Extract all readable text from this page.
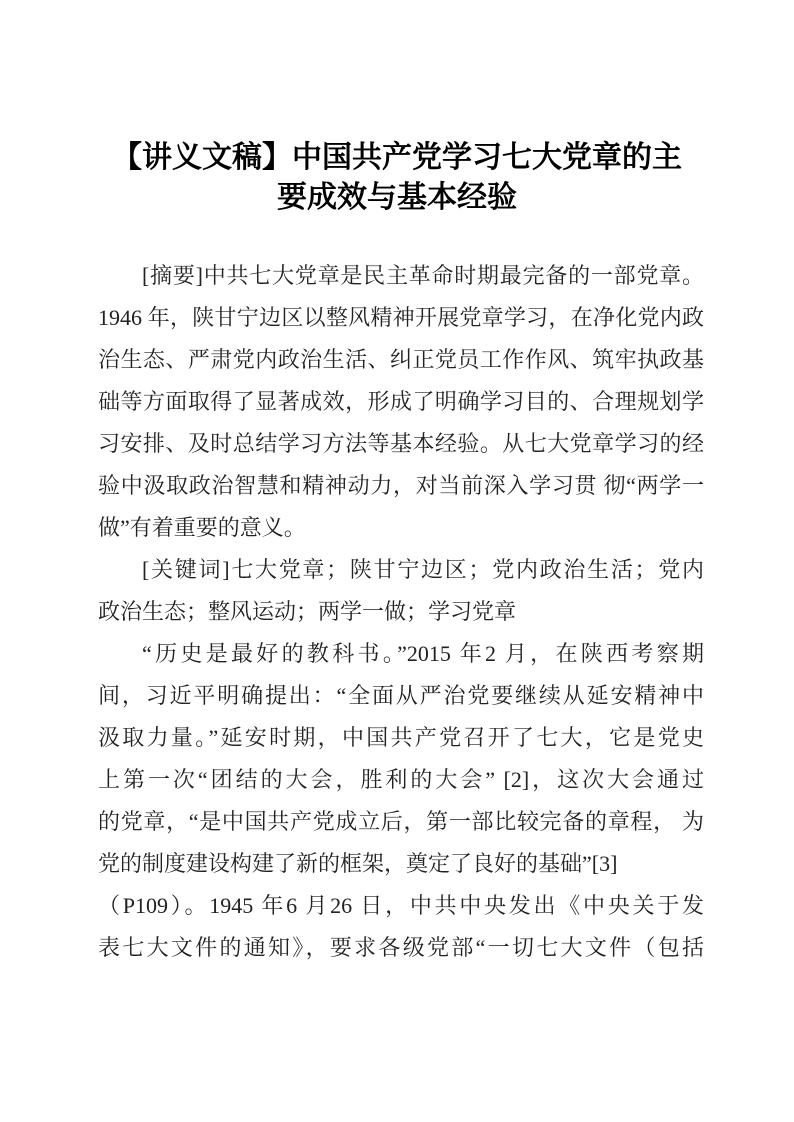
【讲义文稿】中国共产党学习七大党章的主要成效与基本经验
[摘要]中共七大党章是民主革命时期最完备的一部党章。
1946 年，陕甘宁边区以整风精神开展党章学习，在净化党内政
治生态、严肃党内政治生活、纠正党员工作作风、筑牢执政基
础等方面取得了显著成效，形成了明确学习目的、合理规划学
习安排、及时总结学习方法等基本经验。从七大党章学习的经
验中汲取政治智慧和精神动力，对当前深入学习贯 彻“两学一
做”有着重要的意义。
[关键词]七大党章；陕甘宁边区；党内政治生活；党内
政治生态；整风运动；两学一做；学习党章
“历史是最好的教科书。”2015 年2 月，在陕西考察期
间，习近平明确提出：“全面从严治党要继续从延安精神中
汲取力量。”延安时期，中国共产党召开了七大，它是党史
上第一次“团结的大会，胜利的大会” [2]，这次大会通过
的党章，“是中国共产党成立后，第一部比较完备的章程， 为
党的制度建设构建了新的框架，奠定了良好的基础”[3]
（P109）。1945 年6 月26 日，中共中央发出《中央关于发
表七大文件的通知》，要求各级党部“一切七大文件（包括
